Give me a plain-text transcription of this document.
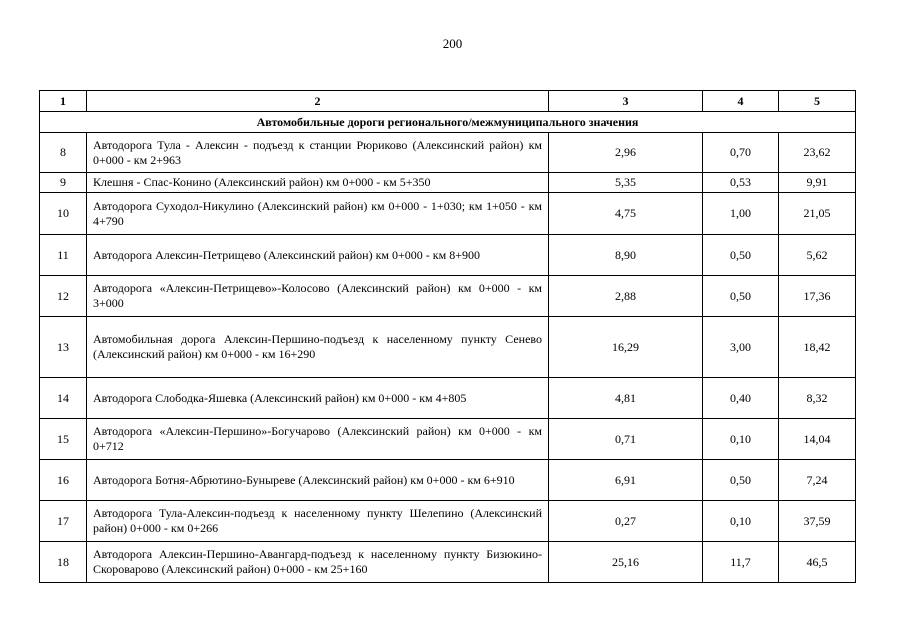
200
1	2	3	4	5
Автомобильные дороги регионального/межмуниципального значения				
8	Автодорога Тула - Алексин - подъезд к станции Рюриково (Алексинский район) км 0+000 - км 2+963	2,96	0,70	23,62
9	Клешня - Спас-Конино (Алексинский район) км 0+000 - км 5+350	5,35	0,53	9,91
10	Автодорога Суходол-Никулино (Алексинский район) км 0+000 - 1+030; км 1+050 - км 4+790	4,75	1,00	21,05
11	Автодорога Алексин-Петрищево (Алексинский район) км 0+000 - км 8+900	8,90	0,50	5,62
12	Автодорога «Алексин-Петрищево»-Колосово (Алексинский район) км 0+000 - км 3+000	2,88	0,50	17,36
13	Автомобильная дорога Алексин-Першино-подъезд к населенному пункту Сенево (Алексинский район) км 0+000 - км 16+290	16,29	3,00	18,42
14	Автодорога Слободка-Яшевка (Алексинский район) км 0+000 - км 4+805	4,81	0,40	8,32
15	Автодорога «Алексин-Першино»-Богучарово (Алексинский район) км 0+000 - км 0+712	0,71	0,10	14,04
16	Автодорога Ботня-Абрютино-Буныреве (Алексинский район) км 0+000 - км 6+910	6,91	0,50	7,24
17	Автодорога Тула-Алексин-подъезд к населенному пункту Шелепино (Алексинский район) 0+000 - км 0+266	0,27	0,10	37,59
18	Автодорога Алексин-Першино-Авангард-подъезд к населенному пункту Бизюкино-Скороварово (Алексинский район) 0+000 - км 25+160	25,16	11,7	46,5
